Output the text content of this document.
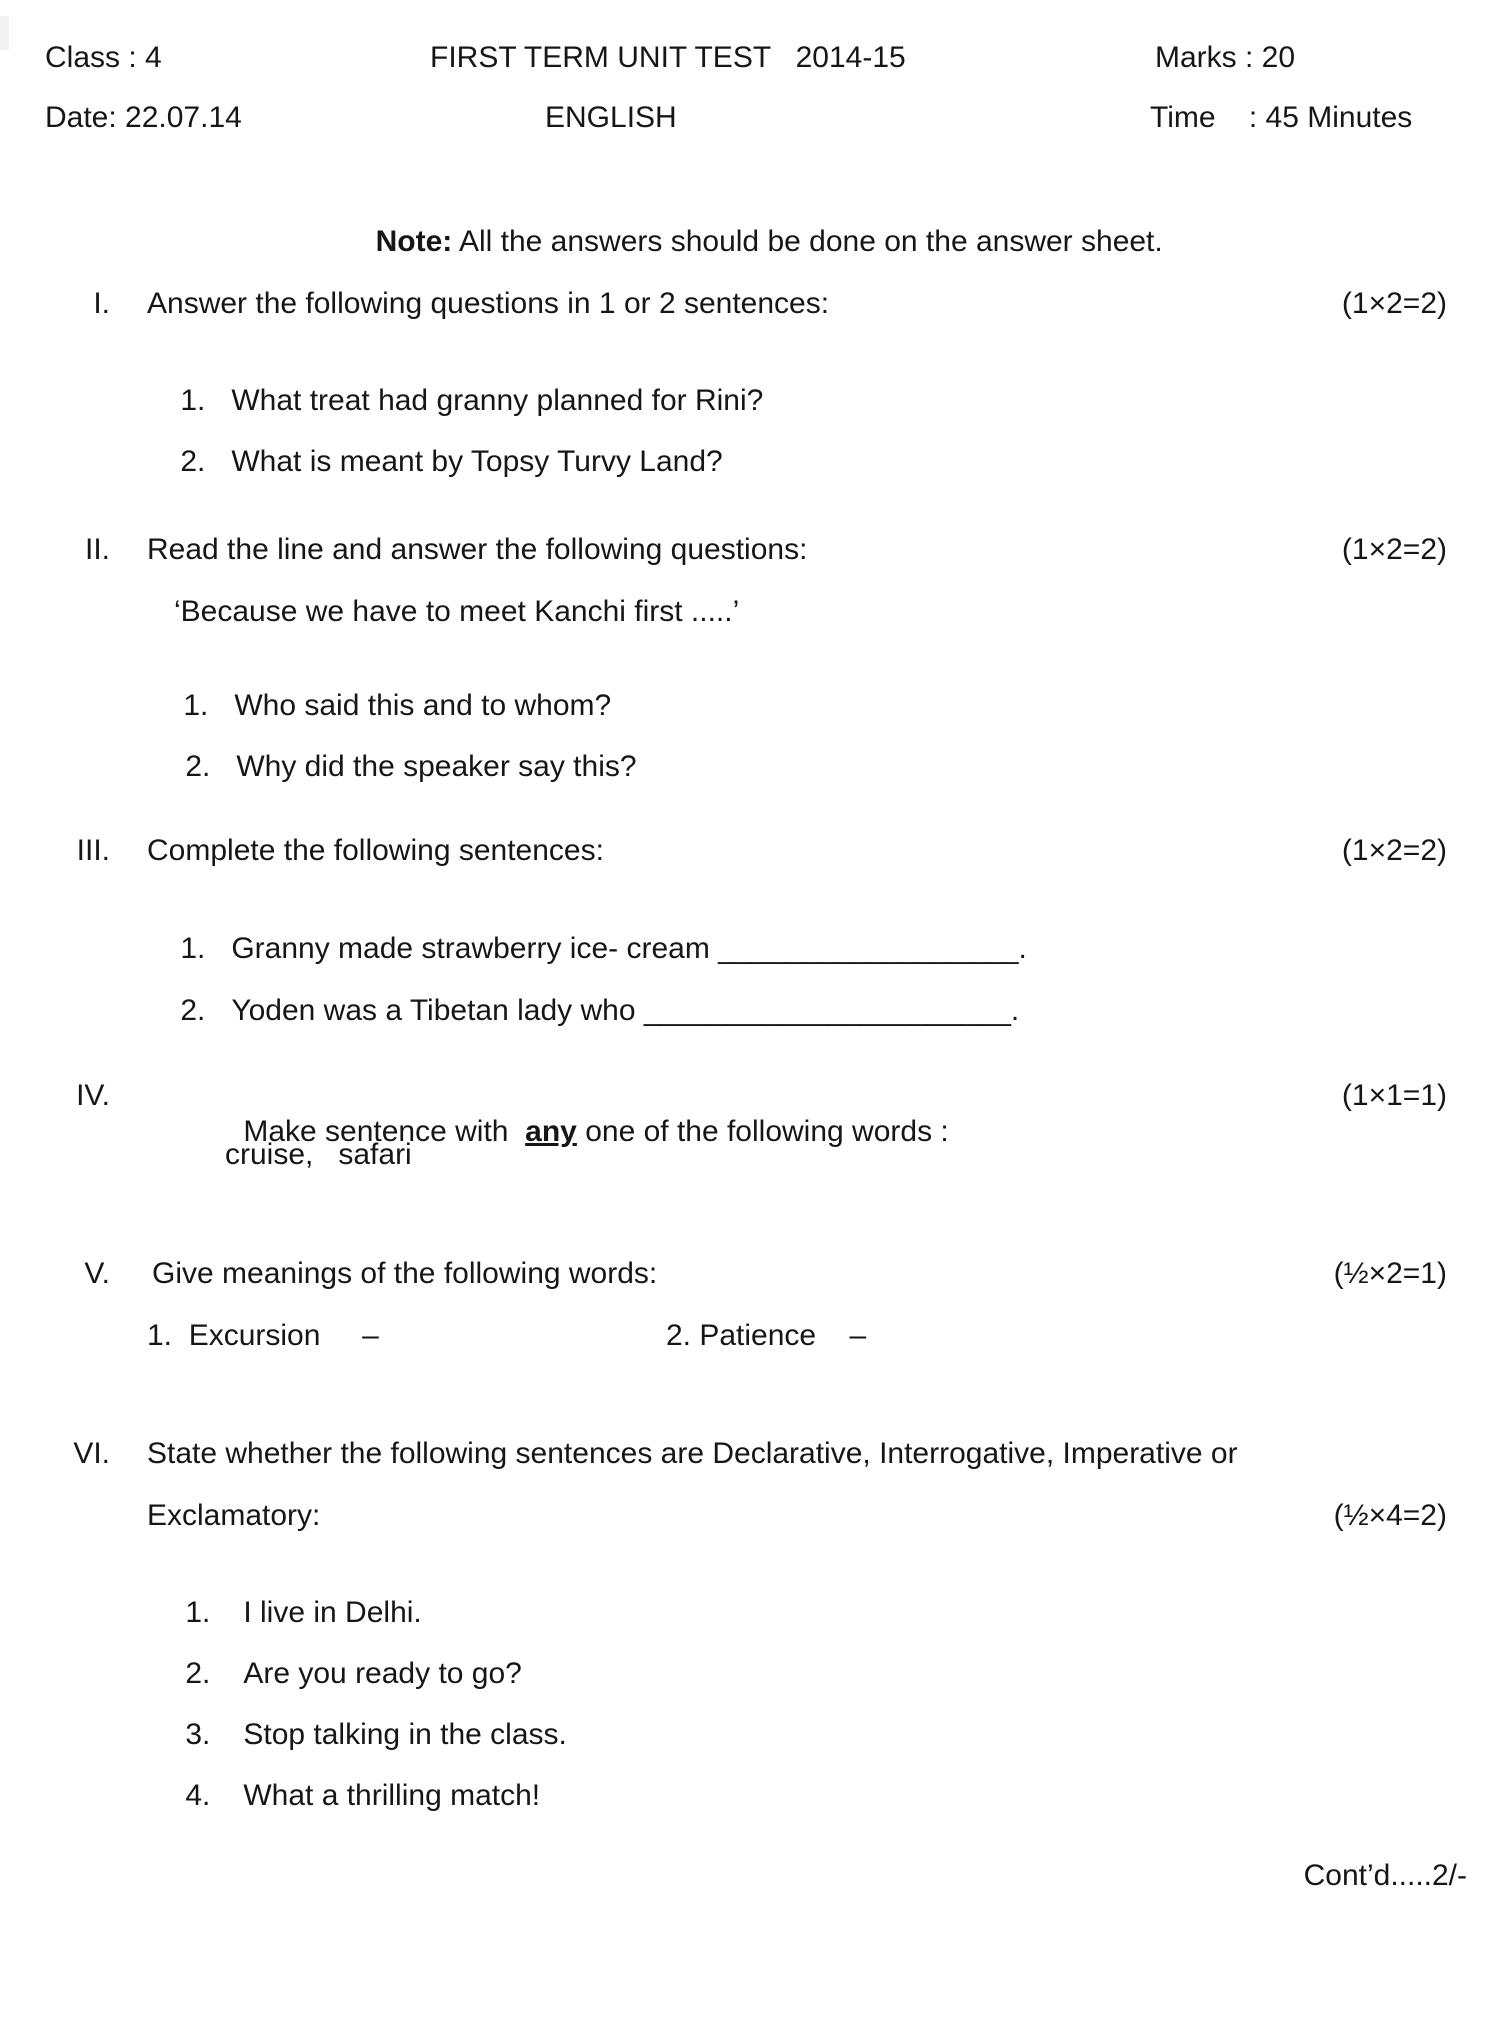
Class : 4	FIRST TERM UNIT TEST   2014-15	Marks : 20
Date: 22.07.14	ENGLISH	Time    : 45 Minutes

Note: All the answers should be done on the answer sheet.

I. Answer the following questions in 1 or 2 sentences:	(1×2=2)

1. What treat had granny planned for Rini?

2. What is meant by Topsy Turvy Land?

II. Read the line and answer the following questions:	(1×2=2)
‘Because we have to meet Kanchi first .....’

1. Who said this and to whom?

2. Why did the speaker say this?

III. Complete the following sentences:	(1×2=2)

1. Granny made strawberry ice- cream __________________.

2. Yoden was a Tibetan lady who ______________________.

IV.

Make sentence with  any one of the following words :

(1×1=1)
cruise,   safari
V. Give meanings of the following words:	(½×2=1)
1.  Excursion     –	2. Patience    –
VI. State whether the following sentences are Declarative, Interrogative, Imperative or
Exclamatory:	(½×4=2)

1. I live in Delhi.

2. Are you ready to go?

3. Stop talking in the class.

4. What a thrilling match!

Cont’d.....2/-
